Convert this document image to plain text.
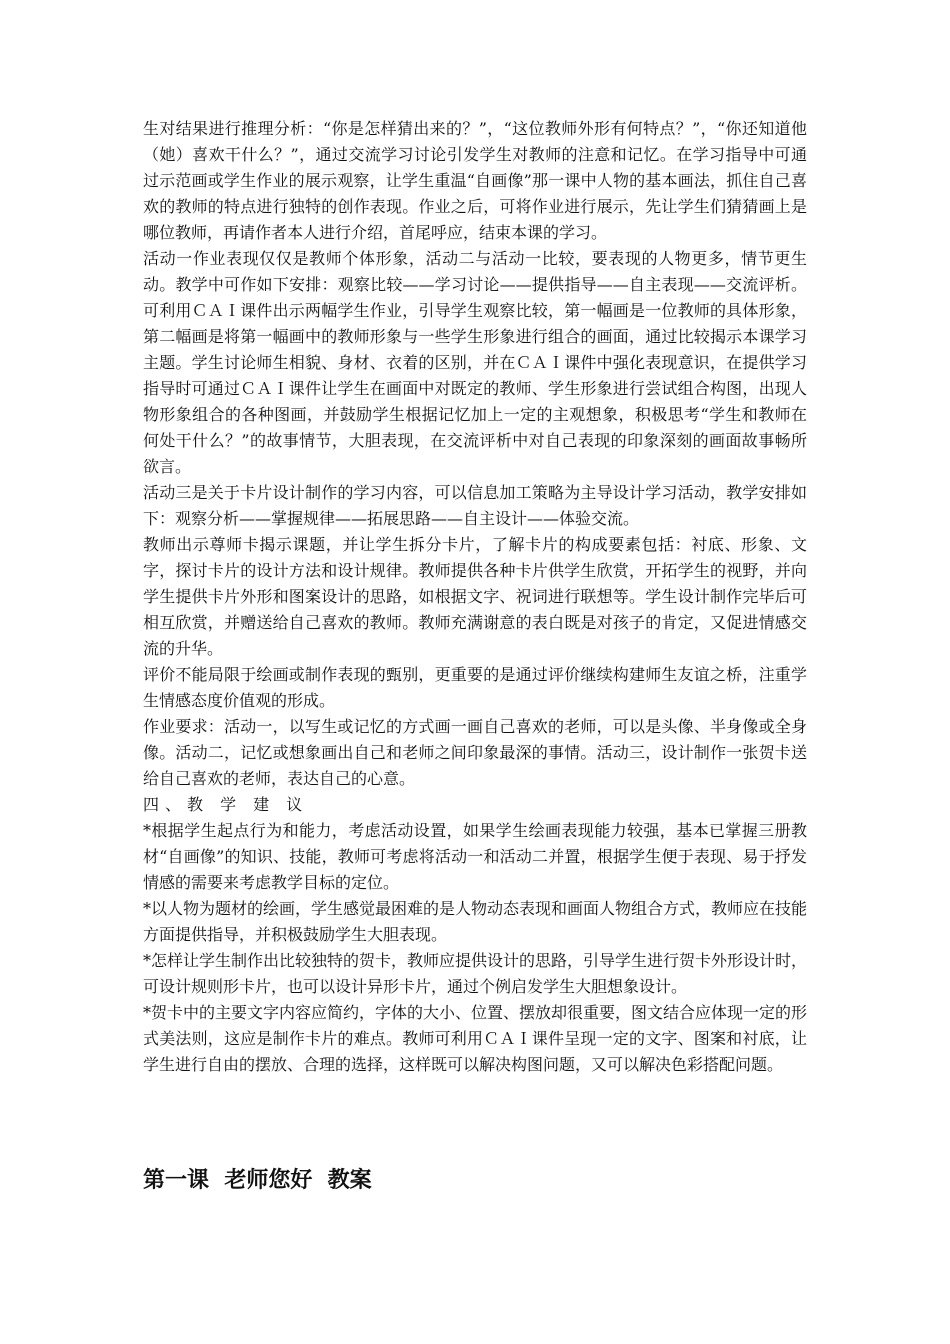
生对结果进行推理分析：“你是怎样猜出来的？”，“这位教师外形有何特点？”，“你还知道他（她）喜欢干什么？”，通过交流学习讨论引发学生对教师的注意和记忆。在学习指导中可通过示范画或学生作业的展示观察，让学生重温“自画像”那一课中人物的基本画法，抓住自己喜欢的教师的特点进行独特的创作表现。作业之后，可将作业进行展示，先让学生们猜猜画上是哪位教师，再请作者本人进行介绍，首尾呼应，结束本课的学习。

活动一作业表现仅仅是教师个体形象，活动二与活动一比较，要表现的人物更多，情节更生动。教学中可作如下安排：观察比较——学习讨论——提供指导——自主表现——交流评析。可利用ＣＡＩ课件出示两幅学生作业，引导学生观察比较，第一幅画是一位教师的具体形象，第二幅画是将第一幅画中的教师形象与一些学生形象进行组合的画面，通过比较揭示本课学习主题。学生讨论师生相貌、身材、衣着的区别，并在ＣＡＩ课件中强化表现意识，在提供学习指导时可通过ＣＡＩ课件让学生在画面中对既定的教师、学生形象进行尝试组合构图，出现人物形象组合的各种图画，并鼓励学生根据记忆加上一定的主观想象，积极思考“学生和教师在何处干什么？”的故事情节，大胆表现，在交流评析中对自己表现的印象深刻的画面故事畅所欲言。

活动三是关于卡片设计制作的学习内容，可以信息加工策略为主导设计学习活动，教学安排如下：观察分析——掌握规律——拓展思路——自主设计——体验交流。

教师出示尊师卡揭示课题，并让学生拆分卡片，了解卡片的构成要素包括：衬底、形象、文字，探讨卡片的设计方法和设计规律。教师提供各种卡片供学生欣赏，开拓学生的视野，并向学生提供卡片外形和图案设计的思路，如根据文字、祝词进行联想等。学生设计制作完毕后可相互欣赏，并赠送给自己喜欢的教师。教师充满谢意的表白既是对孩子的肯定，又促进情感交流的升华。

评价不能局限于绘画或制作表现的甄别，更重要的是通过评价继续构建师生友谊之桥，注重学生情感态度价值观的形成。

作业要求：活动一，以写生或记忆的方式画一画自己喜欢的老师，可以是头像、半身像或全身像。活动二，记忆或想象画出自己和老师之间印象最深的事情。活动三，设计制作一张贺卡送给自己喜欢的老师，表达自己的心意。

四、教 学 建 议

*根据学生起点行为和能力，考虑活动设置，如果学生绘画表现能力较强，基本已掌握三册教材“自画像”的知识、技能，教师可考虑将活动一和活动二并置，根据学生便于表现、易于抒发情感的需要来考虑教学目标的定位。

*以人物为题材的绘画，学生感觉最困难的是人物动态表现和画面人物组合方式，教师应在技能方面提供指导，并积极鼓励学生大胆表现。

*怎样让学生制作出比较独特的贺卡，教师应提供设计的思路，引导学生进行贺卡外形设计时，可设计规则形卡片，也可以设计异形卡片，通过个例启发学生大胆想象设计。

*贺卡中的主要文字内容应简约，字体的大小、位置、摆放却很重要，图文结合应体现一定的形式美法则，这应是制作卡片的难点。教师可利用ＣＡＩ课件呈现一定的文字、图案和衬底，让学生进行自由的摆放、合理的选择，这样既可以解决构图问题，又可以解决色彩搭配问题。

第一课  老师您好  教案
